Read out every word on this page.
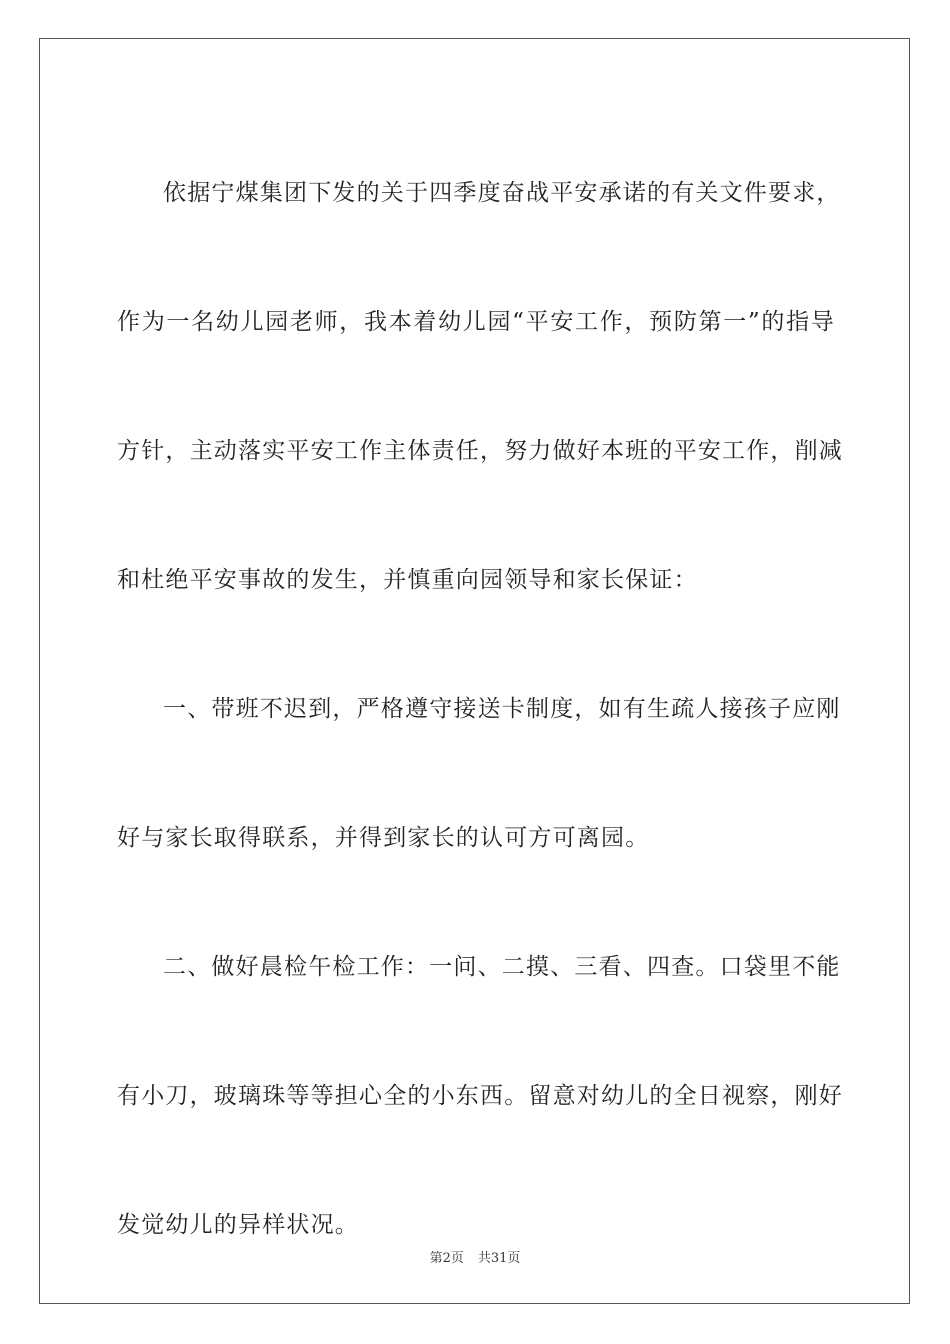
依据宁煤集团下发的关于四季度奋战平安承诺的有关文件要求，
作为一名幼儿园老师，我本着幼儿园“平安工作，预防第一”的指导
方针，主动落实平安工作主体责任，努力做好本班的平安工作，削减
和杜绝平安事故的发生，并慎重向园领导和家长保证：
一、带班不迟到，严格遵守接送卡制度，如有生疏人接孩子应刚
好与家长取得联系，并得到家长的认可方可离园。
二、做好晨检午检工作：一问、二摸、三看、四查。口袋里不能
有小刀，玻璃珠等等担心全的小东西。留意对幼儿的全日视察，刚好
发觉幼儿的异样状况。
第2页 共31页
